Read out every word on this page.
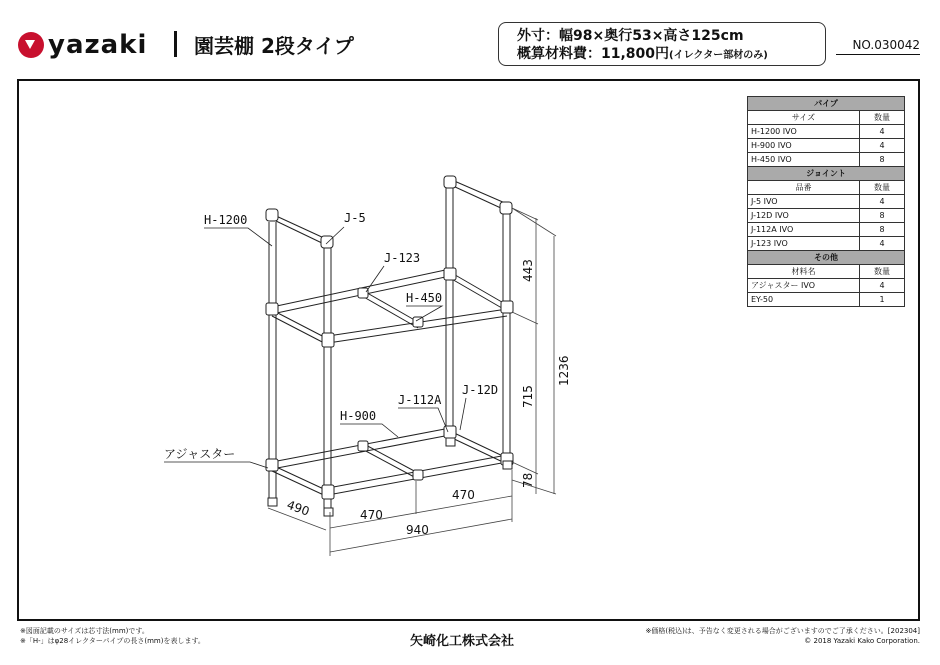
yazaki 園芸棚 2段タイプ	外寸：幅98×奥行53×高さ125cm
概算材料費：11,800円(イレクター部材のみ)
NO.030042
パイプ	
サイズ	数量
H-1200 IVO	4
H-900 IVO	4
H-450 IVO	8
ジョイント	
品番	数量
J-5 IVO	4
J-12D IVO	8
J-112A IVO	8
J-123 IVO	4
その他	
材料名	数量
アジャスター IVO	4
EY-50	1
H-1200	J-5
J-123
H-450
J-112A
J-12D
H-900
アジャスター
443
715
78
1236
490	470
470
940
※図面記載のサイズは芯寸法(mm)です。
※「H-」はφ28イレクターパイプの長さ(mm)を表します。	矢崎化工株式会社
※価格(税込)は、予告なく変更される場合がございますのでご了承ください。[202304]
© 2018 Yazaki Kako Corporation.
